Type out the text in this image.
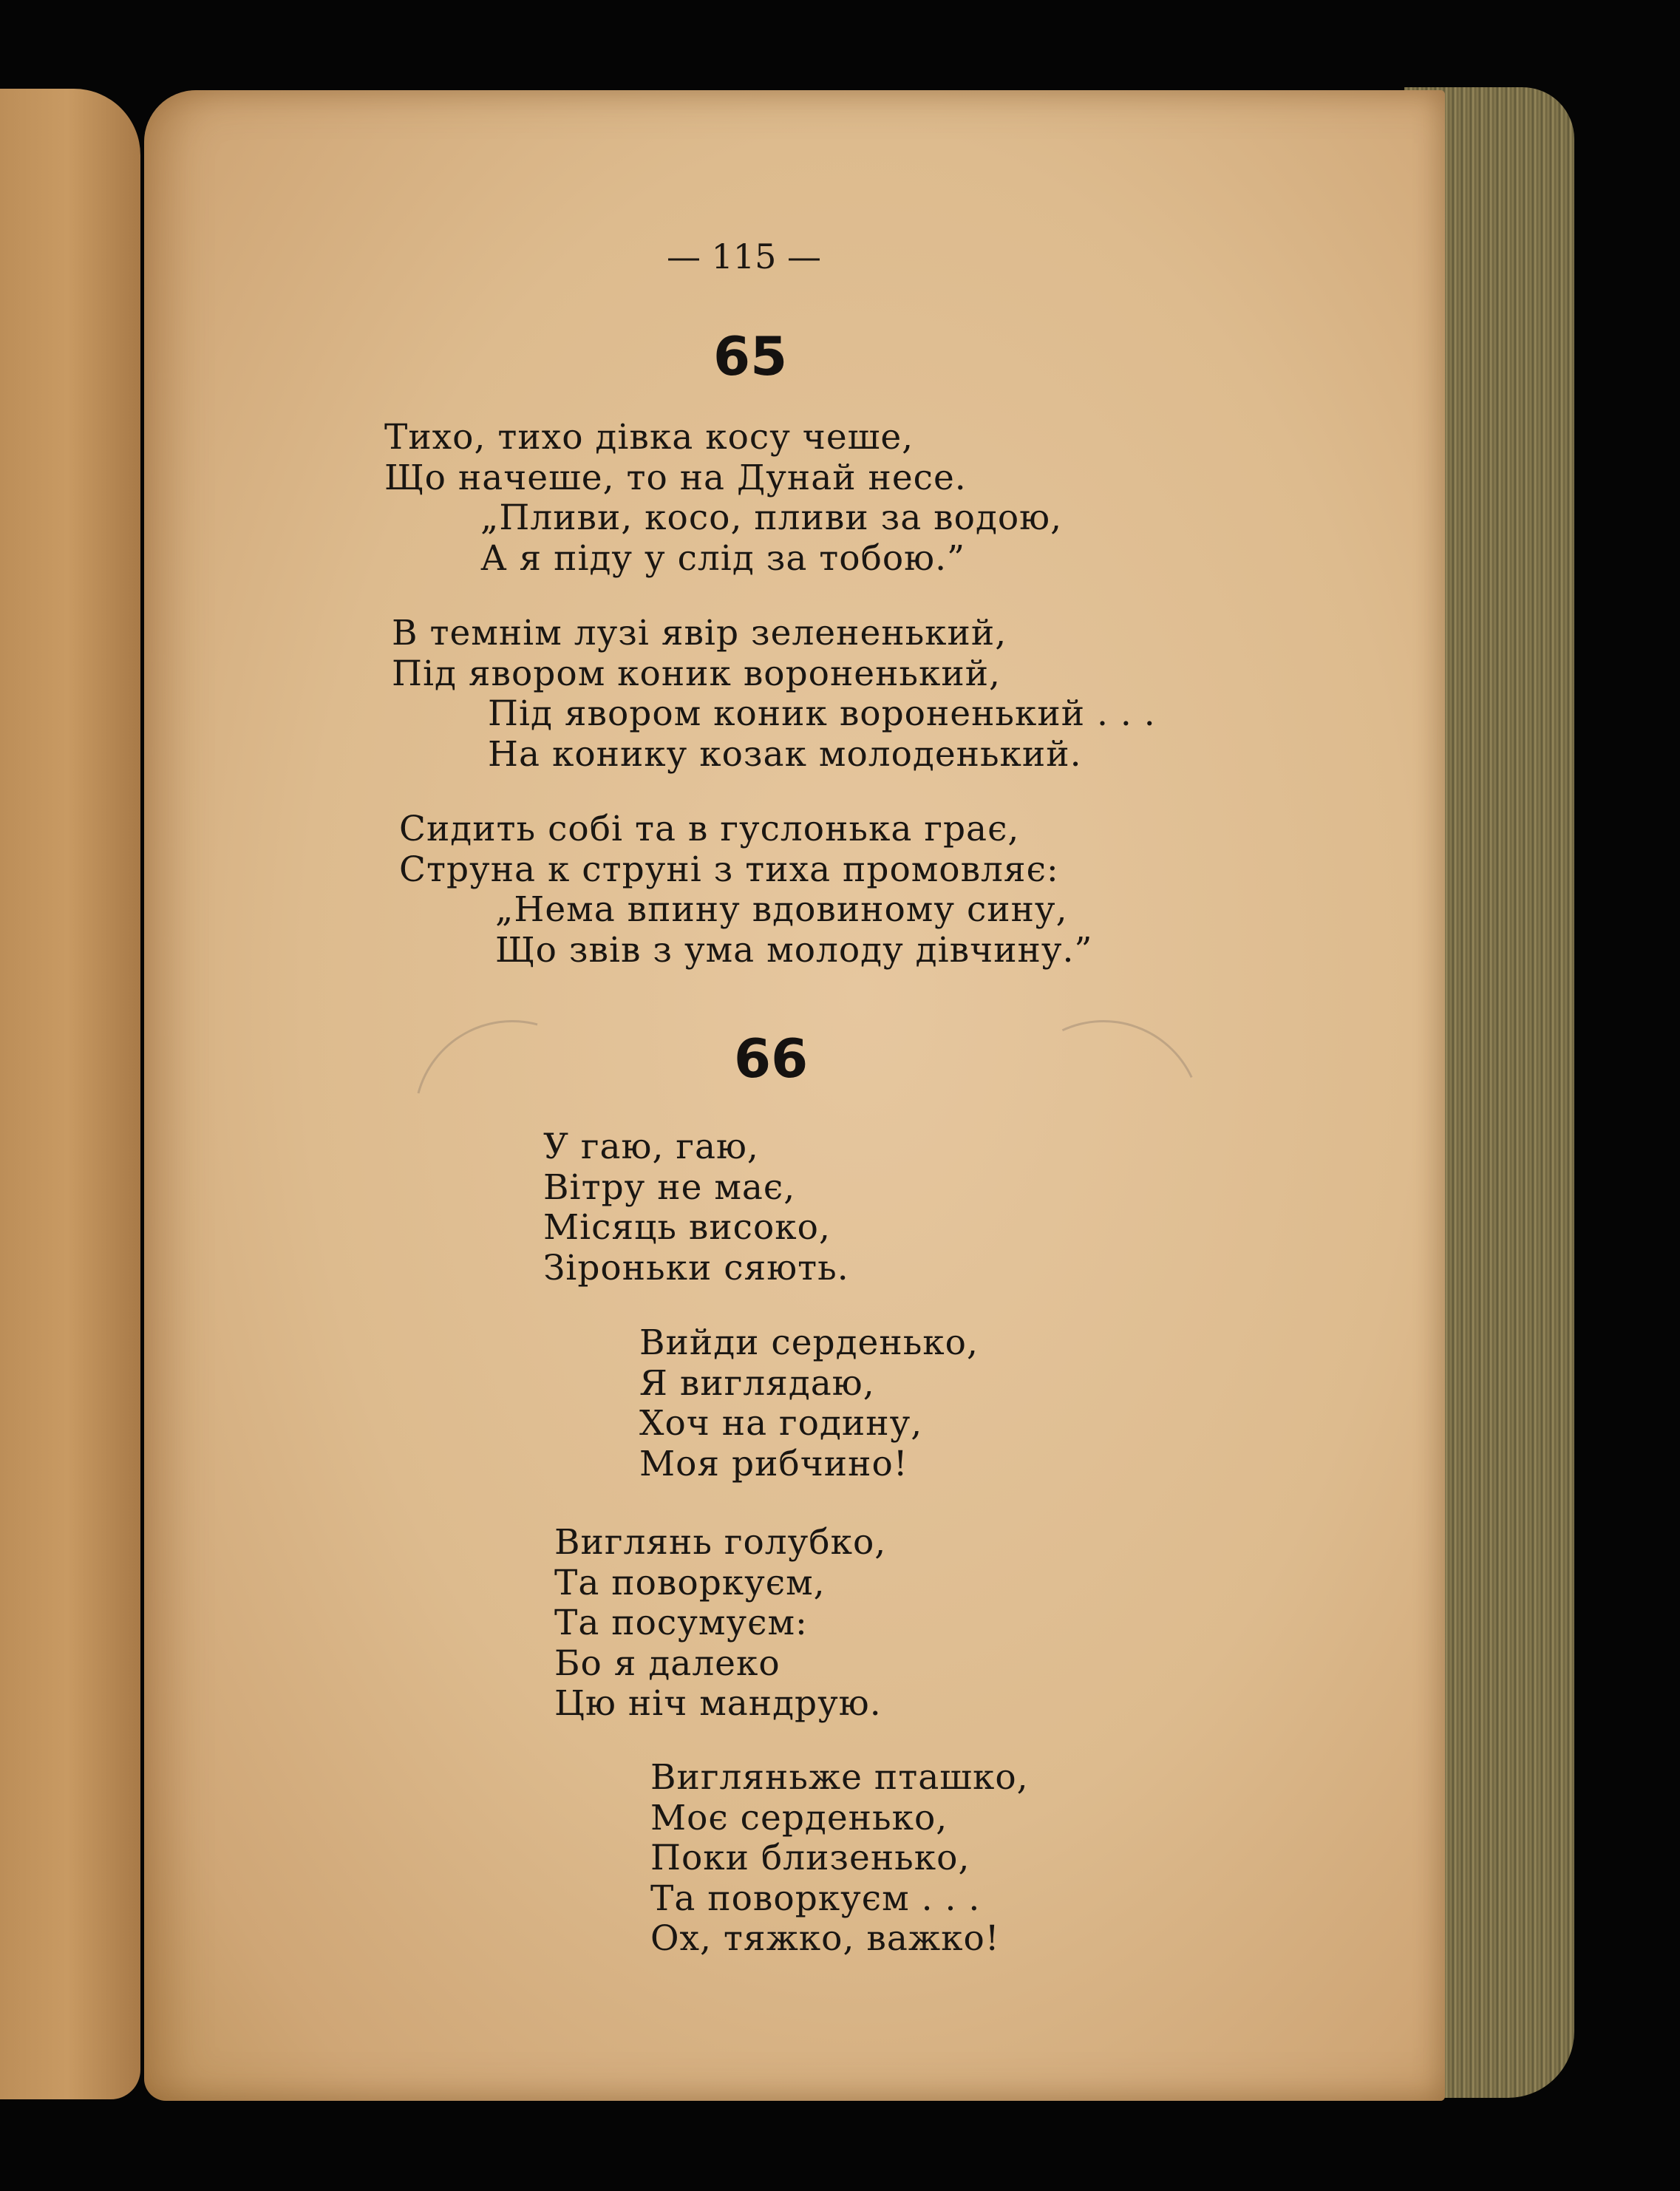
— 115 —
65
Тихо, тихо дівка косу чеше,
Що начеше, то на Дунай несе.
„Пливи, косо, пливи за водою,
А я піду у слід за тобою.”
В темнім лузі явір зелененький,
Під явором коник вороненький,
Під явором коник вороненький . . .
На конику козак молоденький.
Сидить собі та в гуслонька грає,
Струна к струні з тиха промовляє:
„Нема впину вдовиному сину,
Що звів з ума молоду дівчину.”
66
У гаю, гаю,
Вітру не має,
Місяць високо,
Зіроньки сяють.
Вийди серденько,
Я виглядаю,
Хоч на годину,
Моя рибчино!
Виглянь голубко,
Та поворкуєм,
Та посумуєм:
Бо я далеко
Цю ніч мандрую.
Вигляньже пташко,
Моє серденько,
Поки близенько,
Та поворкуєм . . .
Ох, тяжко, важко!
